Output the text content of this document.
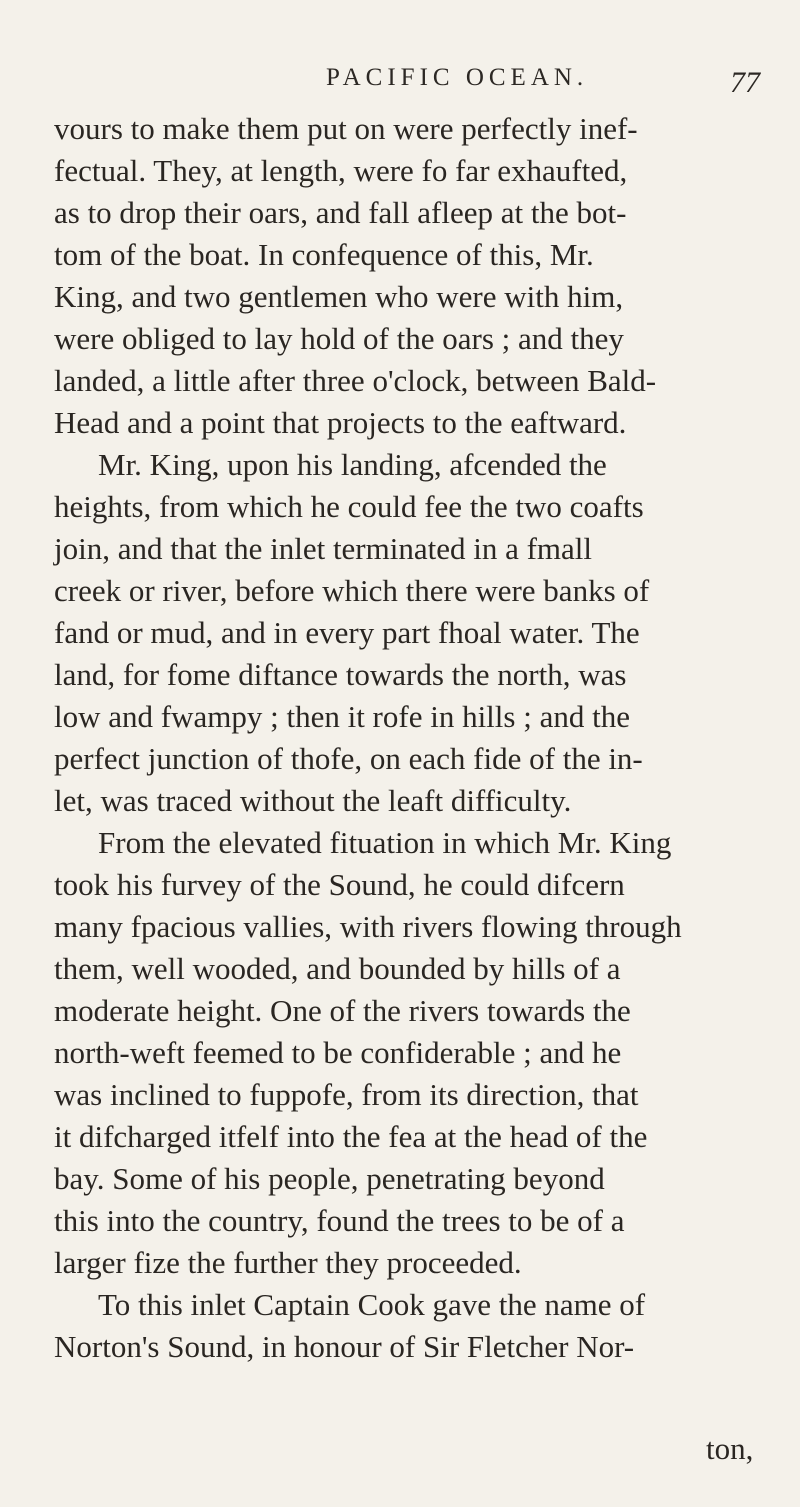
PACIFIC OCEAN.	77
vours to make them put on were perfectly inef-
fectual. They, at length, were fo far exhaufted,
as to drop their oars, and fall afleep at the bot-
tom of the boat. In confequence of this, Mr.
King, and two gentlemen who were with him,
were obliged to lay hold of the oars ; and they
landed, a little after three o'clock, between Bald-
Head and a point that projects to the eaftward.
Mr. King, upon his landing, afcended the
heights, from which he could fee the two coafts
join, and that the inlet terminated in a fmall
creek or river, before which there were banks of
fand or mud, and in every part fhoal water. The
land, for fome diftance towards the north, was
low and fwampy ; then it rofe in hills ; and the
perfect junction of thofe, on each fide of the in-
let, was traced without the leaft difficulty.
From the elevated fituation in which Mr. King
took his furvey of the Sound, he could difcern
many fpacious vallies, with rivers flowing through
them, well wooded, and bounded by hills of a
moderate height. One of the rivers towards the
north-weft feemed to be confiderable ; and he
was inclined to fuppofe, from its direction, that
it difcharged itfelf into the fea at the head of the
bay. Some of his people, penetrating beyond
this into the country, found the trees to be of a
larger fize the further they proceeded.
To this inlet Captain Cook gave the name of
Norton's Sound, in honour of Sir Fletcher Nor-
ton,
